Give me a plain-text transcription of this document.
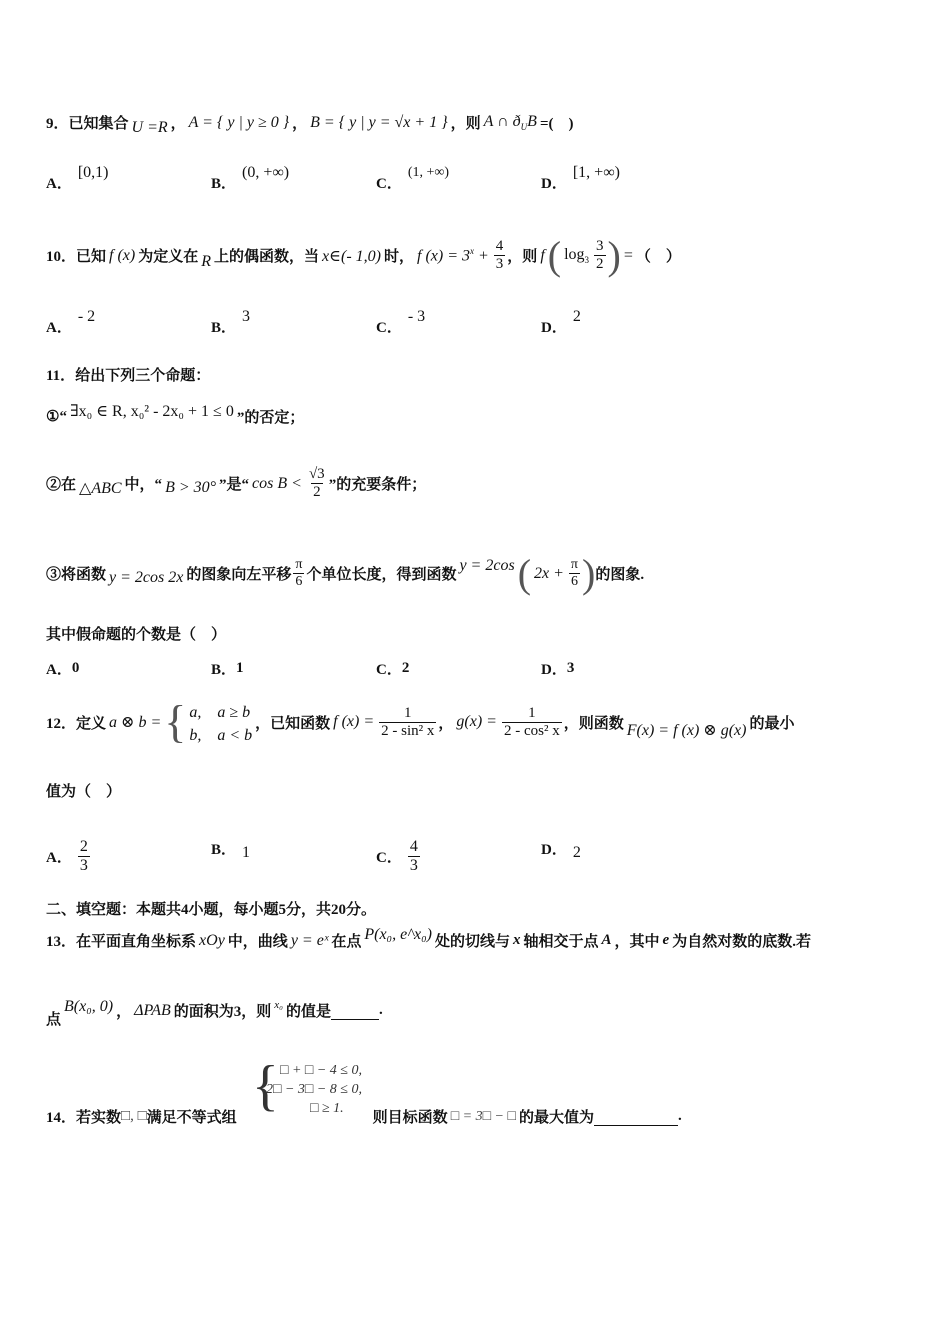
9． 已知集合 U =R ， A = { y | y ≥ 0 } ， B = { y | y = √x + 1 } ，则 A ∩ $ð_UB$ =(　)
A．
[0,1)
B．
(0, +∞)
C．
(1, +∞)
D．
[1, +∞)
10． 已知 f (x) 为定义在 R 上的偶函数，当 x∈(- 1,0) 时， f $(x) = 3^x + \frac{4}{3}$ ，则 f ( $\log_3 \frac{3}{2}$ ) = （　）
A．
- 2
B．
3
C．
- 3
D．
2
11． 给出下列三个命题：
①“ ∃x₀ ∈ R, x₀² - 2x₀ + 1 ≤ 0 ”的否定；
②在 △ABC 中，“ B > 30° ”是“ $\cos B < \frac{√3}{2}$ ”的充要条件；
③将函数 y = 2cos 2x 的图象向左平移 $\frac{\pi}{6}$ 个单位长度，得到函数
y = 2cos ( $2x + \frac{\pi}{6}$ ) 的图象.
其中假命题的个数是（　）
A． 0	B． 1	C． 2	D． 3
12． 定义 a ⊗ b = { a,　a ≥ b
b,　a < b
，已知函数 f $(x) = \frac{1}{\text{2 - sin² x}}$ ， $g(x) = \frac{1}{\text{2 - cos² x}}$ ，则函数 F(x) = f (x) ⊗ g(x) 的最小
值为（　）
A． $\frac{2}{3}$	B． 1	C． $\frac{4}{3}$	D． 2
二、填空题：本题共4小题，每小题5分，共20分。
13． 在平面直角坐标系 xOy 中，曲线 y = eˣ 在点 P(x₀, e^x₀) 处的切线与 x 轴相交于点 A ，其中 e 为自然对数的底数.若
点
B(x₀, 0) ， ΔPAB 的面积为3，则 x₀ 的值是
	.
{ □ + □ − 4 ≤ 0,
2□ − 3□ − 8 ≤ 0,
□ ≥ 1.
14． 若实数 □, □ 满足不等式组	则目标函数 □ = 3□ − □ 的最大值为
	.
